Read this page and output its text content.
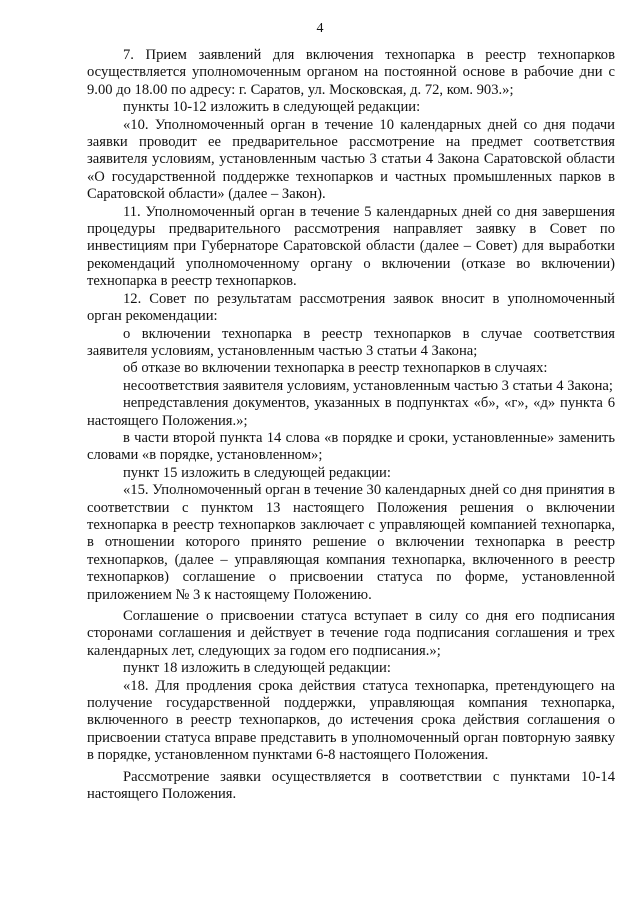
4

7. Прием заявлений для включения технопарка в реестр технопарков осуществляется уполномоченным органом на постоянной основе в рабочие дни с 9.00 до 18.00 по адресу: г. Саратов, ул. Московская, д. 72, ком. 903.»;

пункты 10-12 изложить в следующей редакции:

«10. Уполномоченный орган в течение 10 календарных дней со дня подачи заявки проводит ее предварительное рассмотрение на предмет соответствия заявителя условиям, установленным частью 3 статьи 4 Закона Саратовской области «О государственной поддержке технопарков и частных промышленных парков в Саратовской области» (далее – Закон).

11. Уполномоченный орган в течение 5 календарных дней со дня завершения процедуры предварительного рассмотрения направляет заявку в Совет по инвестициям при Губернаторе Саратовской области (далее – Совет) для выработки рекомендаций уполномоченному органу о включении (отказе во включении) технопарка в реестр технопарков.

12. Совет по результатам рассмотрения заявок вносит в уполномоченный орган рекомендации:

о включении технопарка в реестр технопарков в случае соответствия заявителя условиям, установленным частью 3 статьи 4 Закона;

об отказе во включении технопарка в реестр технопарков в случаях:

несоответствия заявителя условиям, установленным частью 3 статьи 4 Закона;

непредставления документов, указанных в подпунктах «б», «г», «д» пункта 6 настоящего Положения.»;

в части второй пункта 14 слова «в порядке и сроки, установленные» заменить словами «в порядке, установленном»;

пункт 15 изложить в следующей редакции:

«15. Уполномоченный орган в течение 30 календарных дней со дня принятия в соответствии с пунктом 13 настоящего Положения решения о включении технопарка в реестр технопарков заключает с управляющей компанией технопарка, в отношении которого принято решение о включении технопарка в реестр технопарков, (далее – управляющая компания технопарка, включенного в реестр технопарков) соглашение о присвоении статуса по форме, установленной приложением № 3 к настоящему Положению.

Соглашение о присвоении статуса вступает в силу со дня его подписания сторонами соглашения и действует в течение года подписания соглашения и трех календарных лет, следующих за годом его подписания.»;

пункт 18 изложить в следующей редакции:

«18. Для продления срока действия статуса технопарка, претендующего на получение государственной поддержки, управляющая компания технопарка, включенного в реестр технопарков, до истечения срока действия соглашения о присвоении статуса вправе представить в уполномоченный орган повторную заявку в порядке, установленном пунктами 6-8 настоящего Положения.

Рассмотрение заявки осуществляется в соответствии с пунктами 10-14 настоящего Положения.
